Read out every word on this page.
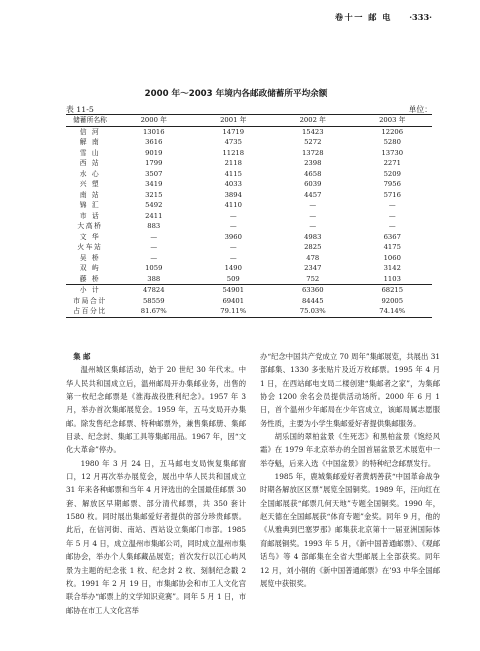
卷十一 邮 电 ·333·
2000 年～2003 年境内各邮政储蓄所平均余额
表 11-5	单位：
储蓄所名称	2000 年	2001 年	2002 年	2003 年
信 河	13016	14719	15423	12206
解 南	3616	4735	5272	5280
雪 山	9019	11218	13728	13730
西 站	1799	2118	2398	2271
水 心	3507	4115	4658	5209
兴 塑	3419	4033	6039	7956
南 站	3215	3894	4457	5716
锦 汇	5492	4110	—	—
市 话	2411	—	—	—
大高桥	883	—	—	—
文 华	—	3960	4983	6367
火车站	—	—	2825	4175
吴 桥	—	—	478	1060
双 屿	1059	1490	2347	3142
藤 桥	388	509	752	1103
小 计	47824	54901	63360	68215
市局合计	58559	69401	84445	92005
占百分比	81.67%	79.11%	75.03%	74.14%

集 邮

温州城区集邮活动，始于 20 世纪 30 年代末。中华人民共和国成立后，温州邮局开办集邮业务，出售的第一枚纪念邮票是《淮海战役胜利纪念》。1957 年 3 月，举办首次集邮展览会。1959 年，五马支局开办集邮。除发售纪念邮票、特种邮票外，兼售集邮册、集邮目录、纪念封、集邮工具等集邮用品。1967 年，因“文化大革命”停办。

1980 年 3 月 24 日，五马邮电支局恢复集邮窗口，12 月再次举办展览会，展出中华人民共和国成立 31 年来各种邮票和当年 4 月评选出的全国最佳邮票 30 套、解放区早期邮票、部分清代邮票，共 350 套计 1580 枚。同时展出集邮爱好者提供的部分珍贵邮票。此后，在信河街、南站、西站设立集邮门市部。1985 年 5 月 4 日，成立温州市集邮公司，同时成立温州市集邮协会，举办个人集邮藏品展览；首次发行以江心屿风景为主题的纪念张 1 枚、纪念封 2 枚、刻制纪念戳 2 枚。1991 年 2 月 19 日，市集邮协会和市工人文化宫联合举办“邮票上的文学知识竞赛”。同年 5 月 1 日，市邮协在市工人文化宫举

办“纪念中国共产党成立 70 周年”集邮展览，共展出 31 部邮集、1330 多张贴片及近万枚邮票。1995 年 4 月 1 日，在西站邮电支局二楼创建“集邮者之家”，为集邮协会 1200 余名会员提供活动场所。2000 年 6 月 1 日，首个温州少年邮局在少年宫成立，该邮局属志愿服务性质，主要为小学生集邮爱好者提供集邮服务。

胡乐国的翠柏盆景《生死恋》和黑柏盆景《饱经风霜》在 1979 年北京举办的全国首届盆景艺术展览中一举夺魁，后来入选《中国盆景》的特种纪念邮票发行。

1985 年，鹿城集邮爱好者黄炳善获“中国革命战争时期各解放区区票”展览全国铜奖。1989 年，汪向红在全国邮展获“邮票几何天地”专题全国铜奖。1990 年，赵天德在全国邮展获“体育专题”金奖。同年 9 月，他的《从雅典到巴塞罗那》邮集获北京第十一届亚洲国际体育邮展铜奖。1993 年 5 月，《新中国普通邮票》、《观邮话鸟》等 4 部邮集在全省大型邮展上全部获奖。同年 12 月，刘小钢的《新中国普通邮票》在’93 中华全国邮展览中获银奖。
